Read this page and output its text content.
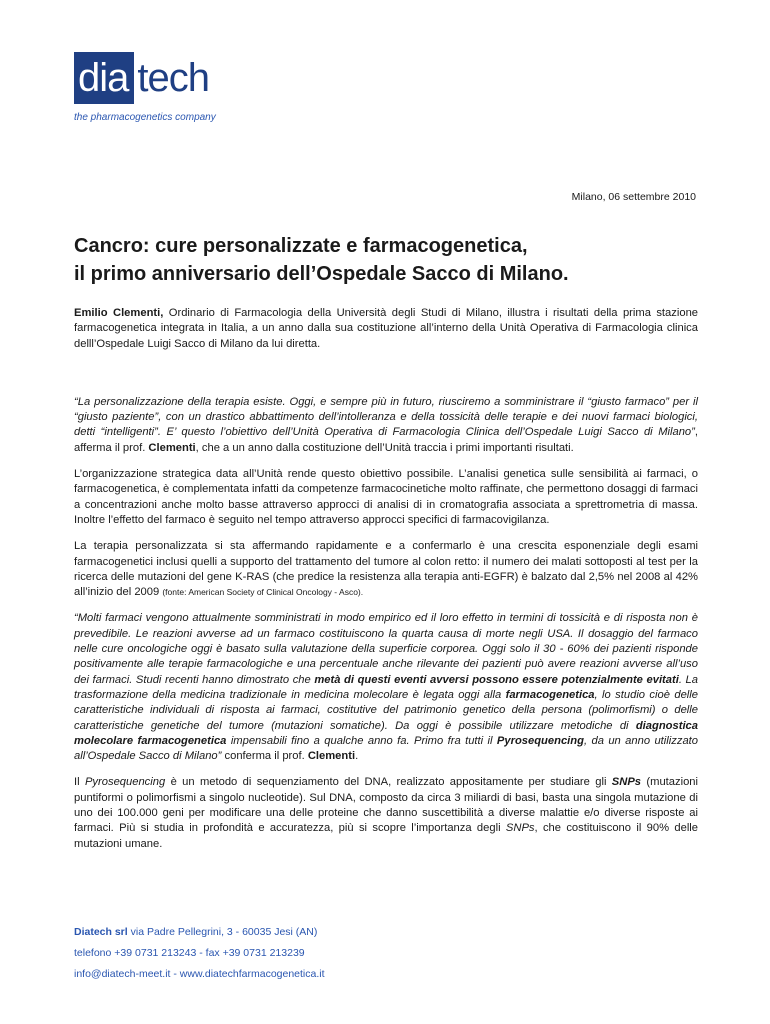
dia tech
the pharmacogenetics company
Milano, 06 settembre 2010
Cancro: cure personalizzate e farmacogenetica,
il primo anniversario dell’Ospedale Sacco di Milano.

Emilio Clementi, Ordinario di Farmacologia della Università degli Studi di Milano, illustra i risultati della prima stazione farmacogenetica integrata in Italia, a un anno dalla sua costituzione all’interno della Unità Operativa di Farmacologia clinica delll’Ospedale Luigi Sacco di Milano da lui diretta.

“La personalizzazione della terapia esiste. Oggi, e sempre più in futuro, riusciremo a somministrare il “giusto farmaco” per il “giusto paziente”, con un drastico abbattimento dell’intolleranza e della tossicità delle terapie e dei nuovi farmaci biologici, detti “intelligenti”. E’ questo l’obiettivo dell’Unità Operativa di Farmacologia Clinica dell’Ospedale Luigi Sacco di Milano”, afferma il prof. Clementi, che a un anno dalla costituzione dell’Unità traccia i primi importanti risultati.

L’organizzazione strategica data all’Unità rende questo obiettivo possibile. L’analisi genetica sulle sensibilità ai farmaci, o farmacogenetica, è complementata infatti da competenze farmacocinetiche molto raffinate, che permettono dosaggi di farmaci a concentrazioni anche molto basse attraverso approcci di analisi di in cromatografia associata a sprettrometria di massa. Inoltre l’effetto del farmaco è seguito nel tempo attraverso approcci specifici di farmacovigilanza.

La terapia personalizzata si sta affermando rapidamente e a confermarlo è una crescita esponenziale degli esami farmacogenetici inclusi quelli a supporto del trattamento del tumore al colon retto: il numero dei malati sottoposti al test per la ricerca delle mutazioni del gene K-RAS (che predice la resistenza alla terapia anti-EGFR) è balzato dal 2,5% nel 2008 al 42% all’inizio del 2009 (fonte: American Society of Clinical Oncology - Asco).

“Molti farmaci vengono attualmente somministrati in modo empirico ed il loro effetto in termini di tossicità e di risposta non è prevedibile. Le reazioni avverse ad un farmaco costituiscono la quarta causa di morte negli USA. Il dosaggio del farmaco nelle cure oncologiche oggi è basato sulla valutazione della superficie corporea. Oggi solo il 30 - 60% dei pazienti risponde positivamente alle terapie farmacologiche e una percentuale anche rilevante dei pazienti può avere reazioni avverse all’uso dei farmaci. Studi recenti hanno dimostrato che metà di questi eventi avversi possono essere potenzialmente evitati. La trasformazione della medicina tradizionale in medicina molecolare è legata oggi alla farmacogenetica, lo studio cioè delle caratteristiche individuali di risposta ai farmaci, costitutive del patrimonio genetico della persona (polimorfismi) o delle caratteristiche genetiche del tumore (mutazioni somatiche). Da oggi è possibile utilizzare metodiche di diagnostica molecolare farmacogenetica impensabili fino a qualche anno fa. Primo fra tutti il Pyrosequencing, da un anno utilizzato all’Ospedale Sacco di Milano” conferma il prof. Clementi.

Il Pyrosequencing è un metodo di sequenziamento del DNA, realizzato appositamente per studiare gli SNPs (mutazioni puntiformi o polimorfismi a singolo nucleotide). Sul DNA, composto da circa 3 miliardi di basi, basta una singola mutazione di uno dei 100.000 geni per modificare una delle proteine che danno suscettibilità a diverse malattie e/o diverse risposte ai farmaci. Più si studia in profondità e accuratezza, più si scopre l’importanza degli SNPs, che costituiscono il 90% delle mutazioni umane.

Diatech srl via Padre Pellegrini, 3 - 60035 Jesi (AN)
telefono +39 0731 213243 - fax +39 0731 213239
info@diatech-meet.it - www.diatechfarmacogenetica.it
